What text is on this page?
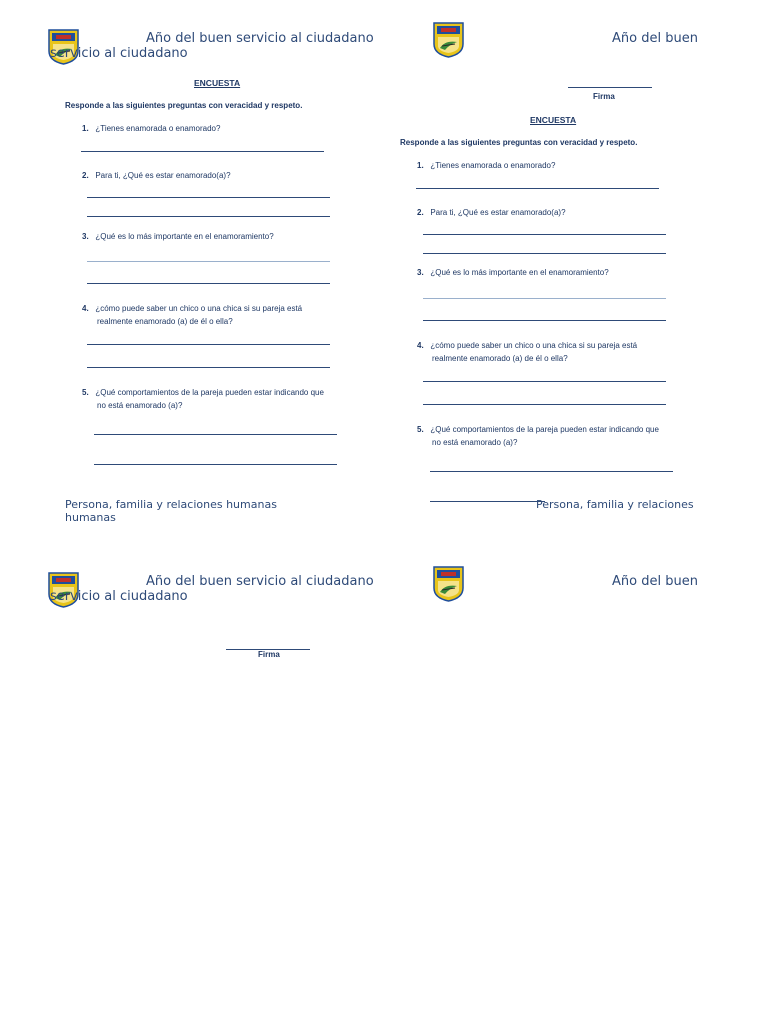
Año del buen servicio al ciudadano
servicio al ciudadano
ENCUESTA
Responde a las siguientes preguntas con veracidad y respeto.
1. ¿Tienes enamorada o enamorado?
2. Para ti, ¿Qué es estar enamorado(a)?
3. ¿Qué es lo más importante en el enamoramiento?
4. ¿cómo puede saber un chico o una chica si su pareja está
realmente enamorado (a) de él o ella?
5. ¿Qué comportamientos de la pareja pueden estar indicando que
no está enamorado (a)?
Persona, familia y relaciones humanas
humanas
Año del buen
Firma
ENCUESTA
Responde a las siguientes preguntas con veracidad y respeto.
1. ¿Tienes enamorada o enamorado?
2. Para ti, ¿Qué es estar enamorado(a)?
3. ¿Qué es lo más importante en el enamoramiento?
4. ¿cómo puede saber un chico o una chica si su pareja está
realmente enamorado (a) de él o ella?
5. ¿Qué comportamientos de la pareja pueden estar indicando que
no está enamorado (a)?
Persona, familia y relaciones
Año del buen servicio al ciudadano
servicio al ciudadano
Firma
Año del buen
